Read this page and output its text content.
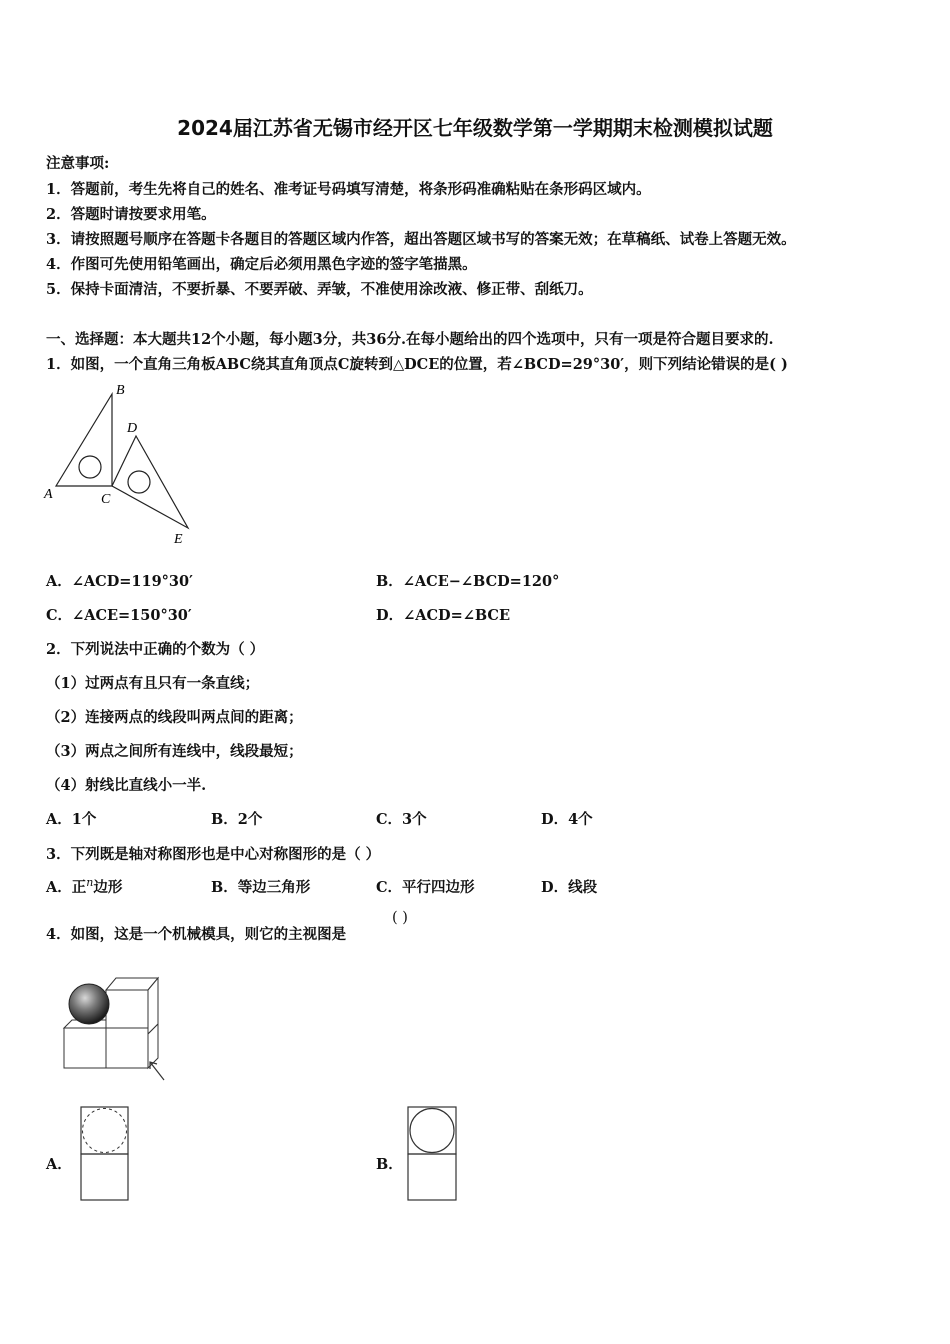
2024届江苏省无锡市经开区七年级数学第一学期期末检测模拟试题
注意事项:
1．答题前，考生先将自己的姓名、准考证号码填写清楚，将条形码准确粘贴在条形码区域内。
2．答题时请按要求用笔。
3．请按照题号顺序在答题卡各题目的答题区域内作答，超出答题区域书写的答案无效；在草稿纸、试卷上答题无效。
4．作图可先使用铅笔画出，确定后必须用黑色字迹的签字笔描黑。
5．保持卡面清洁，不要折暴、不要弄破、弄皱，不准使用涂改液、修正带、刮纸刀。
一、选择题：本大题共12个小题，每小题3分，共36分.在每小题给出的四个选项中，只有一项是符合题目要求的.
1．如图，一个直角三角板ABC绕其直角顶点C旋转到△DCE的位置，若∠BCD=29°30′，则下列结论错误的是( )
A
B
C
D
E
A．∠ACD=119°30′	B．∠ACE−∠BCD=120°
C．∠ACE=150°30′	D．∠ACD=∠BCE
2．下列说法中正确的个数为（ ）
（1）过两点有且只有一条直线；
（2）连接两点的线段叫两点间的距离；
（3）两点之间所有连线中，线段最短；
（4）射线比直线小一半.
A．1个	B．2个	C．3个	D．4个
3．下列既是轴对称图形也是中心对称图形的是（ ）
A．正$^n$边形	B．等边三角形	C．平行四边形	D．线段
4．如图，这是一个机械模具，则它的主视图是
( )
A．	B．
